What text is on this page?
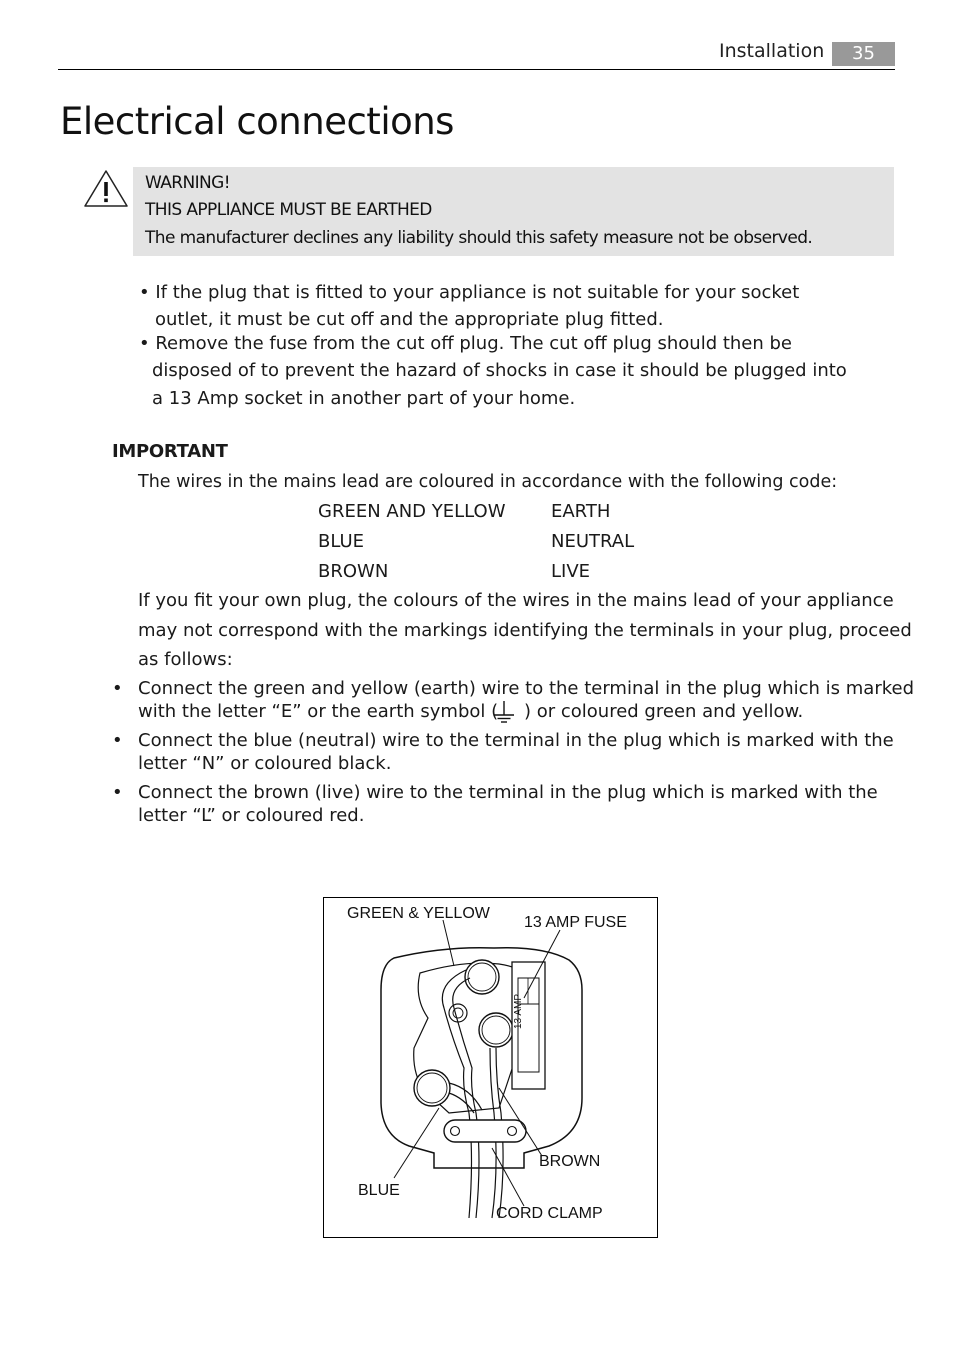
Installation	35
Electrical connections
WARNING!
THIS APPLIANCE MUST BE EARTHED
The manufacturer declines any liability should this safety measure not be observed.
• If the plug that is fitted to your appliance is not suitable for your socket
outlet, it must be cut off and the appropriate plug fitted.
• Remove the fuse from the cut off plug. The cut off plug should then be
disposed of to prevent the hazard of shocks in case it should be plugged into
a 13 Amp socket in another part of your home.
IMPORTANT
The wires in the mains lead are coloured in accordance with the following code:
GREEN AND YELLOW	EARTH
BLUE	NEUTRAL
BROWN	LIVE
If you fit your own plug, the colours of the wires in the mains lead of your appliance
may not correspond with the markings identifying the terminals in your plug, proceed
as follows:
• Connect the green and yellow (earth) wire to the terminal in the plug which is marked
with the letter “E” or the earth symbol ( ) or coloured green and yellow.
• Connect the blue (neutral) wire to the terminal in the plug which is marked with the
letter “N” or coloured black.
• Connect the brown (live) wire to the terminal in the plug which is marked with the
letter “L” or coloured red.
GREEN & YELLOW
13 AMP FUSE
13 AMP
BROWN
BLUE
CORD CLAMP
